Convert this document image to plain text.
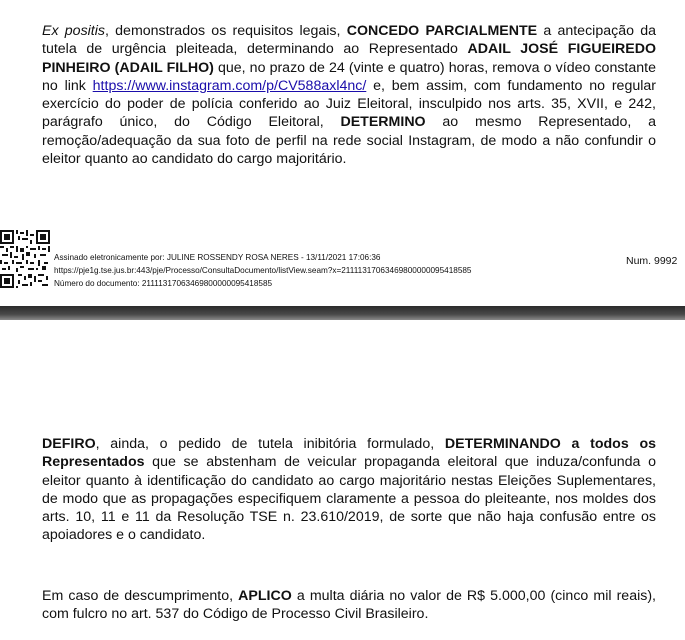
Ex positis, demonstrados os requisitos legais, CONCEDO PARCIALMENTE a antecipação da
tutela de urgência pleiteada, determinando ao Representado ADAIL JOSÉ FIGUEIREDO
PINHEIRO (ADAIL FILHO) que, no prazo de 24 (vinte e quatro) horas, remova o vídeo constante
no link https://www.instagram.com/p/CV588axl4nc/ e, bem assim, com fundamento no regular
exercício do poder de polícia conferido ao Juiz Eleitoral, insculpido nos arts. 35, XVII, e 242,
parágrafo único, do Código Eleitoral, DETERMINO ao mesmo Representado, a
remoção/adequação da sua foto de perfil na rede social Instagram, de modo a não confundir o
eleitor quanto ao candidato do cargo majoritário.
Assinado eletronicamente por: JULINE ROSSENDY ROSA NERES - 13/11/2021 17:06:36
https://pje1g.tse.jus.br:443/pje/Processo/ConsultaDocumento/listView.seam?x=21111317063469800000095418585
Número do documento: 21111317063469800000095418585
Num. 9992
DEFIRO, ainda, o pedido de tutela inibitória formulado, DETERMINANDO a todos os
Representados que se abstenham de veicular propaganda eleitoral que induza/confunda o
eleitor quanto à identificação do candidato ao cargo majoritário nestas Eleições Suplementares,
de modo que as propagações especifiquem claramente a pessoa do pleiteante, nos moldes dos
arts. 10, 11 e 11 da Resolução TSE n. 23.610/2019, de sorte que não haja confusão entre os
apoiadores e o candidato.
Em caso de descumprimento, APLICO a multa diária no valor de R$ 5.000,00 (cinco mil reais),
com fulcro no art. 537 do Código de Processo Civil Brasileiro.
